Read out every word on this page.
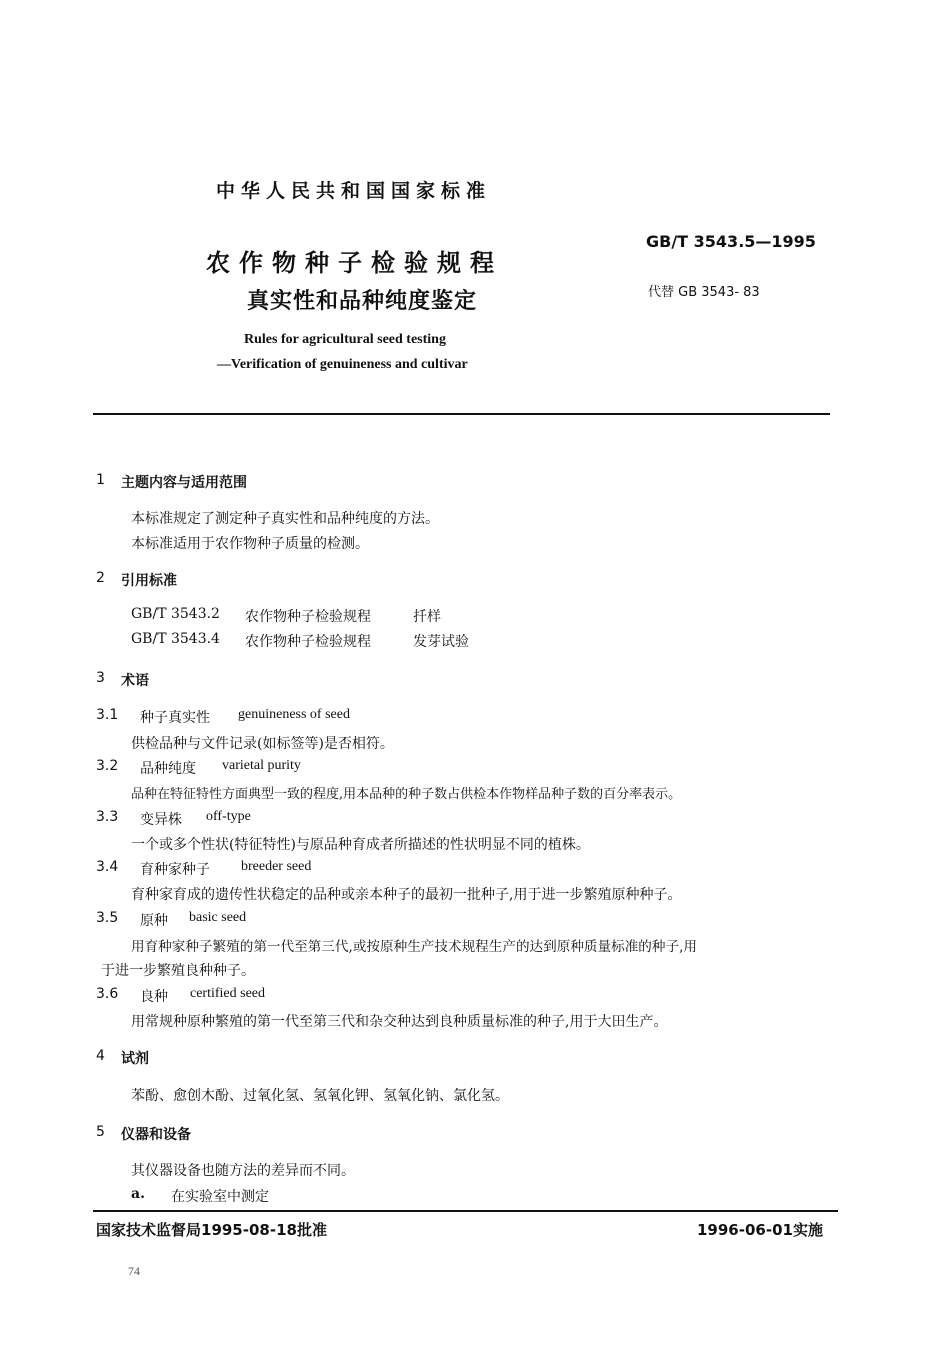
中华人民共和国国家标准
农作物种子检验规程
真实性和品种纯度鉴定
GB/T 3543.5—1995
代替 GB 3543- 83
Rules for agricultural seed testing
—Verification of genuineness and cultivar
1 主题内容与适用范围
本标准规定了测定种子真实性和品种纯度的方法。
本标准适用于农作物种子质量的检测。
2 引用标准
GB/T 3543.2 农作物种子检验规程	扦样
GB/T 3543.4 农作物种子检验规程	发芽试验
3 术语
3.1 种子真实性 genuineness of seed
供检品种与文件记录(如标签等)是否相符。
3.2 品种纯度 varietal purity
品种在特征特性方面典型一致的程度,用本品种的种子数占供检本作物样品种子数的百分率表示。
3.3 变异株 off-type
一个或多个性状(特征特性)与原品种育成者所描述的性状明显不同的植株。
3.4 育种家种子 breeder seed
育种家育成的遗传性状稳定的品种或亲本种子的最初一批种子,用于进一步繁殖原种种子。
3.5 原种 basic seed
用育种家种子繁殖的第一代至第三代,或按原种生产技术规程生产的达到原种质量标准的种子,用
于进一步繁殖良种种子。
3.6 良种 certified seed
用常规种原种繁殖的第一代至第三代和杂交种达到良种质量标准的种子,用于大田生产。
4 试剂
苯酚、愈创木酚、过氧化氢、氢氧化钾、氢氧化钠、氯化氢。
5 仪器和设备
其仪器设备也随方法的差异而不同。
a. 在实验室中测定
国家技术监督局1995-08-18批准	1996-06-01实施
74
